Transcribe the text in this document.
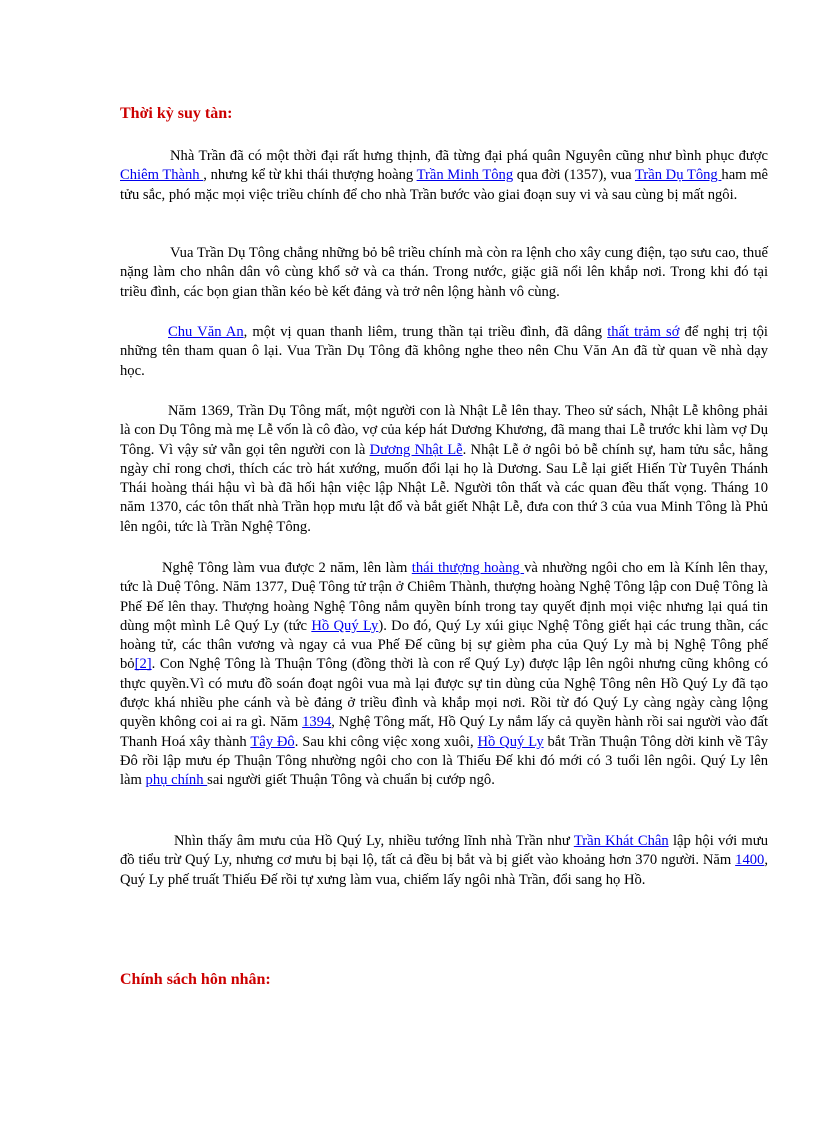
Thời kỳ suy tàn:

Nhà Trần đã có một thời đại rất hưng thịnh, đã từng đại phá quân Nguyên cũng như bình phục được Chiêm Thành , nhưng kể từ khi thái thượng hoàng Trần Minh Tông qua đời (1357), vua Trần Dụ Tông ham mê tửu sắc, phó mặc mọi việc triều chính để cho nhà Trần bước vào giai đoạn suy vi và sau cùng bị mất ngôi.

Vua Trần Dụ Tông chẳng những bỏ bê triều chính mà còn ra lệnh cho xây cung điện, tạo sưu cao, thuế nặng làm cho nhân dân vô cùng khổ sở và ca thán. Trong nước, giặc giã nổi lên khắp nơi. Trong khi đó tại triều đình, các bọn gian thần kéo bè kết đảng và trở nên lộng hành vô cùng.

Chu Văn An, một vị quan thanh liêm, trung thần tại triều đình, đã dâng thất trảm sớ để nghị trị tội những tên tham quan ô lại. Vua Trần Dụ Tông đã không nghe theo nên Chu Văn An đã từ quan về nhà dạy học.

Năm 1369, Trần Dụ Tông mất, một người con là Nhật Lễ lên thay. Theo sử sách, Nhật Lễ không phải là con Dụ Tông mà mẹ Lễ vốn là cô đào, vợ của kép hát Dương Khương, đã mang thai Lễ trước khi làm vợ Dụ Tông. Vì vậy sử vẫn gọi tên người con là Dương Nhật Lễ. Nhật Lễ ở ngôi bỏ bễ chính sự, ham tửu sắc, hằng ngày chỉ rong chơi, thích các trò hát xướng, muốn đổi lại họ là Dương. Sau Lễ lại giết Hiến Từ Tuyên Thánh Thái hoàng thái hậu vì bà đã hối hận việc lập Nhật Lễ. Người tôn thất và các quan đều thất vọng. Tháng 10 năm 1370, các tôn thất nhà Trần họp mưu lật đổ và bắt giết Nhật Lễ, đưa con thứ 3 của vua Minh Tông là Phủ lên ngôi, tức là Trần Nghệ Tông.

Nghệ Tông làm vua được 2 năm, lên làm thái thượng hoàng và nhường ngôi cho em là Kính lên thay, tức là Duệ Tông. Năm 1377, Duệ Tông tử trận ở Chiêm Thành, thượng hoàng Nghệ Tông lập con Duệ Tông là Phế Đế lên thay. Thượng hoàng Nghệ Tông nắm quyền bính trong tay quyết định mọi việc nhưng lại quá tin dùng một mình Lê Quý Ly (tức Hồ Quý Ly). Do đó, Quý Ly xúi giục Nghệ Tông giết hại các trung thần, các hoàng tử, các thân vương và ngay cả vua Phế Đế cũng bị sự gièm pha của Quý Ly mà bị Nghệ Tông phế bỏ[2]. Con Nghệ Tông là Thuận Tông (đồng thời là con rể Quý Ly) được lập lên ngôi nhưng cũng không có thực quyền.Vì có mưu đồ soán đoạt ngôi vua mà lại được sự tin dùng của Nghệ Tông nên Hồ Quý Ly đã tạo được khá nhiều phe cánh và bè đảng ở triều đình và khắp mọi nơi. Rồi từ đó Quý Ly càng ngày càng lộng quyền không coi ai ra gì. Năm 1394, Nghệ Tông mất, Hồ Quý Ly nắm lấy cả quyền hành rồi sai người vào đất Thanh Hoá xây thành Tây Đô. Sau khi công việc xong xuôi, Hồ Quý Ly bắt Trần Thuận Tông dời kinh về Tây Đô rồi lập mưu ép Thuận Tông nhường ngôi cho con là Thiếu Đế khi đó mới có 3 tuổi lên ngôi. Quý Ly lên làm phụ chính sai người giết Thuận Tông và chuẩn bị cướp ngô.

Nhìn thấy âm mưu của Hồ Quý Ly, nhiều tướng lĩnh nhà Trần như Trần Khát Chân lập hội với mưu đồ tiểu trừ Quý Ly, nhưng cơ mưu bị bại lộ, tất cả đều bị bắt và bị giết vào khoảng hơn 370 người. Năm 1400, Quý Ly phế truất Thiếu Đế rồi tự xưng làm vua, chiếm lấy ngôi nhà Trần, đổi sang họ Hồ.

Chính sách hôn nhân:
